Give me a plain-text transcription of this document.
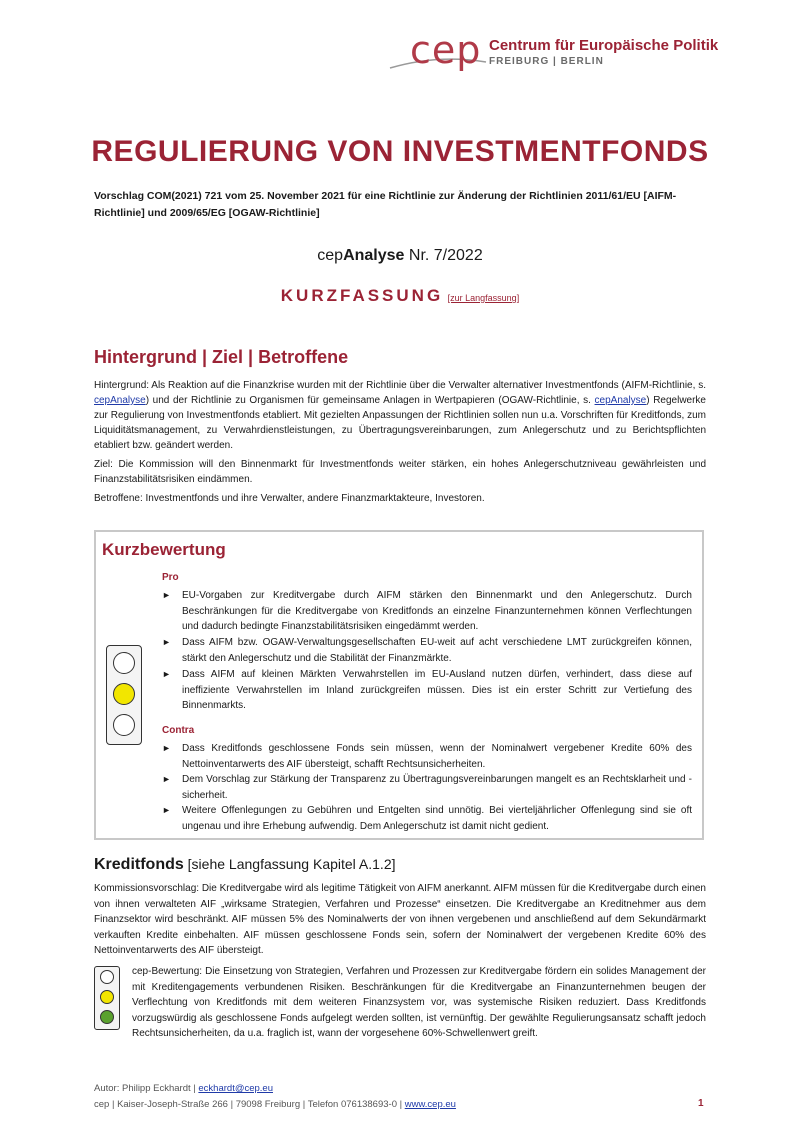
cep Centrum für Europäische Politik
FREIBURG | BERLIN
REGULIERUNG VON INVESTMENTFONDS
Vorschlag COM(2021) 721 vom 25. November 2021 für eine Richtlinie zur Änderung der Richtlinien 2011/61/EU [AIFM-Richtlinie] und 2009/65/EG [OGAW-Richtlinie]
cepAnalyse Nr. 7/2022
KURZFASSUNG [zur Langfassung]
Hintergrund | Ziel | Betroffene
Hintergrund: Als Reaktion auf die Finanzkrise wurden mit der Richtlinie über die Verwalter alternativer Investmentfonds (AIFM-Richtlinie, s. cepAnalyse) und der Richtlinie zu Organismen für gemeinsame Anlagen in Wertpapieren (OGAW-Richtlinie, s. cepAnalyse) Regelwerke zur Regulierung von Investmentfonds etabliert. Mit gezielten Anpassungen der Richtlinien sollen nun u.a. Vorschriften für Kreditfonds, zum Liquiditätsmanagement, zu Verwahrdienstleistungen, zu Übertragungsvereinbarungen, zum Anlegerschutz und zu Berichtspflichten etabliert bzw. geändert werden.
Ziel: Die Kommission will den Binnenmarkt für Investmentfonds weiter stärken, ein hohes Anlegerschutzniveau gewährleisten und Finanzstabilitätsrisiken eindämmen.
Betroffene: Investmentfonds und ihre Verwalter, andere Finanzmarktakteure, Investoren.
Kurzbewertung
Pro
► EU-Vorgaben zur Kreditvergabe durch AIFM stärken den Binnenmarkt und den Anlegerschutz. Durch Beschränkungen für die Kreditvergabe von Kreditfonds an einzelne Finanzunternehmen können Verflechtungen und dadurch bedingte Finanzstabilitätsrisiken eingedämmt werden.
► Dass AIFM bzw. OGAW-Verwaltungsgesellschaften EU-weit auf acht verschiedene LMT zurückgreifen können, stärkt den Anlegerschutz und die Stabilität der Finanzmärkte.
► Dass AIFM auf kleinen Märkten Verwahrstellen im EU-Ausland nutzen dürfen, verhindert, dass diese auf ineffiziente Verwahrstellen im Inland zurückgreifen müssen. Dies ist ein erster Schritt zur Vertiefung des Binnenmarkts.
Contra
► Dass Kreditfonds geschlossene Fonds sein müssen, wenn der Nominalwert vergebener Kredite 60% des Nettoinventarwerts des AIF übersteigt, schafft Rechtsunsicherheiten.
► Dem Vorschlag zur Stärkung der Transparenz zu Übertragungsvereinbarungen mangelt es an Rechtsklarheit und -sicherheit.
► Weitere Offenlegungen zu Gebühren und Entgelten sind unnötig. Bei vierteljährlicher Offenlegung sind sie oft ungenau und ihre Erhebung aufwendig. Dem Anlegerschutz ist damit nicht gedient.
Kreditfonds [siehe Langfassung Kapitel A.1.2]
Kommissionsvorschlag: Die Kreditvergabe wird als legitime Tätigkeit von AIFM anerkannt. AIFM müssen für die Kreditvergabe durch einen von ihnen verwalteten AIF „wirksame Strategien, Verfahren und Prozesse“ einsetzen. Die Kreditvergabe an Kreditnehmer aus dem Finanzsektor wird beschränkt. AIF müssen 5% des Nominalwerts der von ihnen vergebenen und anschließend auf dem Sekundärmarkt verkauften Kredite einbehalten. AIF müssen geschlossene Fonds sein, sofern der Nominalwert der vergebenen Kredite 60% des Nettoinventarwerts des AIF übersteigt.
cep-Bewertung: Die Einsetzung von Strategien, Verfahren und Prozessen zur Kreditvergabe fördern ein solides Management der mit Kreditengagements verbundenen Risiken. Beschränkungen für die Kreditvergabe an Finanzunternehmen beugen der Verflechtung von Kreditfonds mit dem weiteren Finanzsystem vor, was systemische Risiken reduziert. Dass Kreditfonds vorzugswürdig als geschlossene Fonds aufgelegt werden sollten, ist vernünftig. Der gewählte Regulierungsansatz schafft jedoch Rechtsunsicherheiten, da u.a. fraglich ist, wann der vorgesehene 60%-Schwellenwert greift.
Autor: Philipp Eckhardt | eckhardt@cep.eu
cep | Kaiser-Joseph-Straße 266 | 79098 Freiburg | Telefon 076138693-0 | www.cep.eu	1
